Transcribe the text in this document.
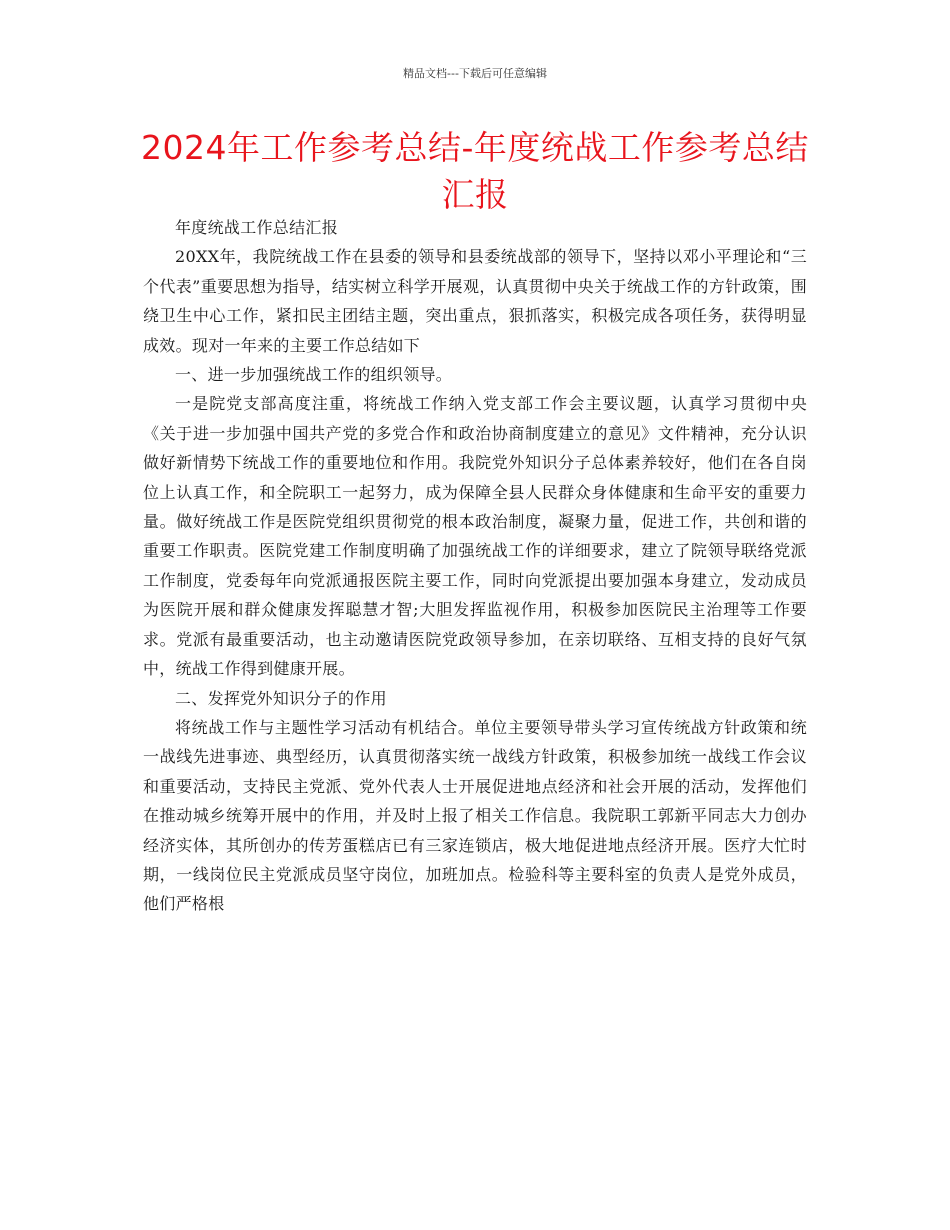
精品文档---下载后可任意编辑
2024年工作参考总结-年度统战工作参考总结汇报

年度统战工作总结汇报

20XX年，我院统战工作在县委的领导和县委统战部的领导下，坚持以邓小平理论和“三个代表”重要思想为指导，结实树立科学开展观，认真贯彻中央关于统战工作的方针政策，围绕卫生中心工作，紧扣民主团结主题，突出重点，狠抓落实，积极完成各项任务，获得明显成效。现对一年来的主要工作总结如下

一、进一步加强统战工作的组织领导。

一是院党支部高度注重，将统战工作纳入党支部工作会主要议题，认真学习贯彻中央《关于进一步加强中国共产党的多党合作和政治协商制度建立的意见》文件精神，充分认识做好新情势下统战工作的重要地位和作用。我院党外知识分子总体素养较好，他们在各自岗位上认真工作，和全院职工一起努力，成为保障全县人民群众身体健康和生命平安的重要力量。做好统战工作是医院党组织贯彻党的根本政治制度，凝聚力量，促进工作，共创和谐的重要工作职责。医院党建工作制度明确了加强统战工作的详细要求，建立了院领导联络党派工作制度，党委每年向党派通报医院主要工作，同时向党派提出要加强本身建立，发动成员为医院开展和群众健康发挥聪慧才智;大胆发挥监视作用，积极参加医院民主治理等工作要求。党派有最重要活动，也主动邀请医院党政领导参加，在亲切联络、互相支持的良好气氛中，统战工作得到健康开展。

二、发挥党外知识分子的作用

将统战工作与主题性学习活动有机结合。单位主要领导带头学习宣传统战方针政策和统一战线先进事迹、典型经历，认真贯彻落实统一战线方针政策，积极参加统一战线工作会议和重要活动，支持民主党派、党外代表人士开展促进地点经济和社会开展的活动，发挥他们在推动城乡统筹开展中的作用，并及时上报了相关工作信息。我院职工郭新平同志大力创办经济实体，其所创办的传芳蛋糕店已有三家连锁店，极大地促进地点经济开展。医疗大忙时期，一线岗位民主党派成员坚守岗位，加班加点。检验科等主要科室的负责人是党外成员，他们严格根
